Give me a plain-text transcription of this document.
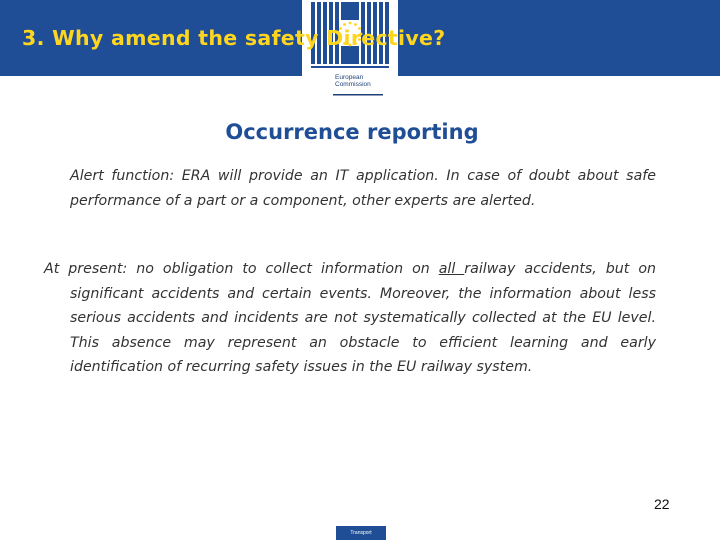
3. Why amend the safety Directive?
European
Commission
Occurrence reporting
Alert function: ERA will provide an IT application. In case of doubt about safe performance of a part or a component, other experts are alerted.
At present: no obligation to collect information on all railway accidents, but on significant accidents and certain events. Moreover, the information about less serious accidents and incidents are not systematically collected at the EU level. This absence may represent an obstacle to efficient learning and early identification of recurring safety issues in the EU railway system.
22
Transport
